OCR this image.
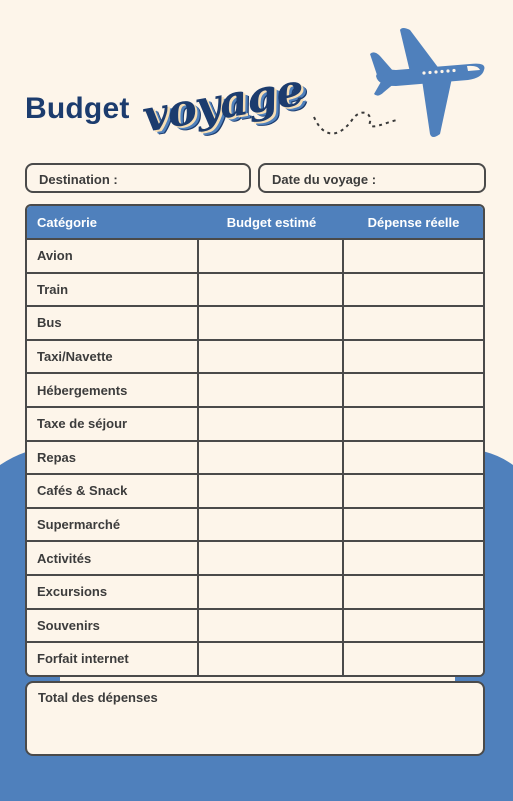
Budget voyage
Destination :	Date du voyage :
Catégorie	Budget estimé	Dépense réelle
Avion
Train
Bus
Taxi/Navette
Hébergements
Taxe de séjour
Repas
Cafés & Snack
Supermarché
Activités
Excursions
Souvenirs
Forfait internet
Total des dépenses
